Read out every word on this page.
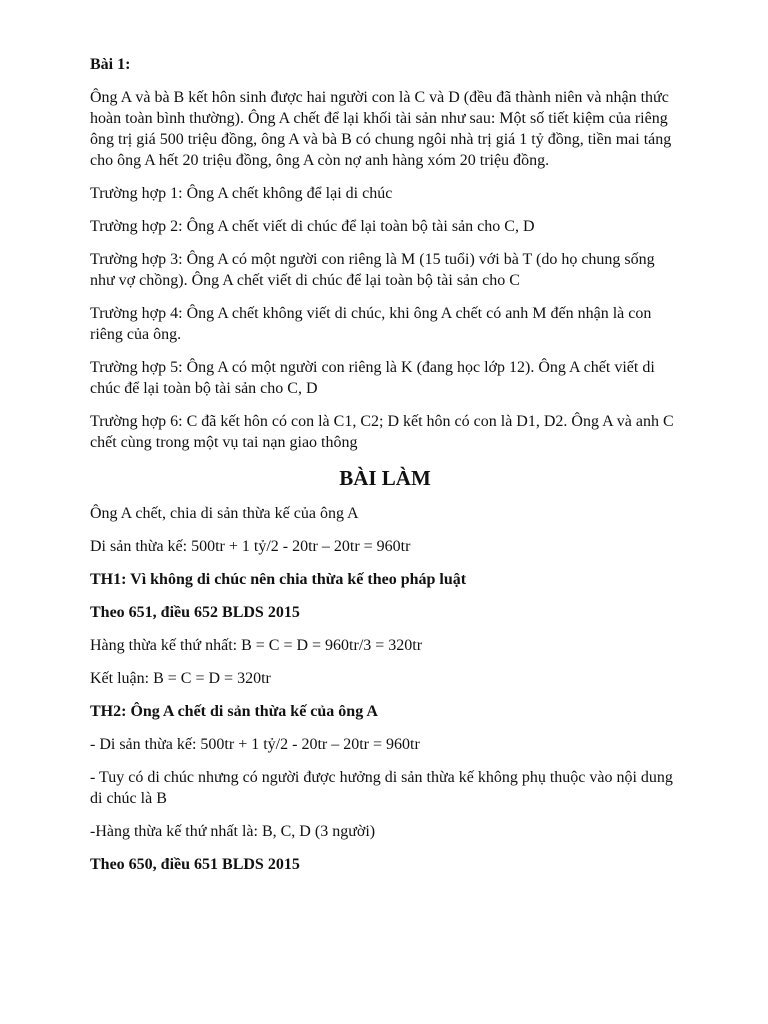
Bài 1:

Ông A và bà B kết hôn sinh được hai người con là C và D (đều đã thành niên và nhận thức hoàn toàn bình thường). Ông A chết để lại khối tài sản như sau: Một số tiết kiệm của riêng ông trị giá 500 triệu đồng, ông A và bà B có chung ngôi nhà trị giá 1 tỷ đồng, tiền mai táng cho ông A hết 20 triệu đồng, ông A còn nợ anh hàng xóm 20 triệu đồng.

Trường hợp 1: Ông A chết không để lại di chúc

Trường hợp 2: Ông A chết viết di chúc để lại toàn bộ tài sản cho C, D

Trường hợp 3: Ông A có một người con riêng là M (15 tuổi) với bà T (do họ chung sống như vợ chồng). Ông A chết viết di chúc để lại toàn bộ tài sản cho C

Trường hợp 4: Ông A chết không viết di chúc, khi ông A chết có anh M đến nhận là con riêng của ông.

Trường hợp 5: Ông A có một người con riêng là K (đang học lớp 12). Ông A chết viết di chúc để lại toàn bộ tài sản cho C, D

Trường hợp 6: C đã kết hôn có con là C1, C2; D kết hôn có con là D1, D2. Ông A và anh C chết cùng trong một vụ tai nạn giao thông

BÀI LÀM

Ông A chết, chia di sản thừa kế của ông A

Di sản thừa kế: 500tr + 1 tỷ/2 - 20tr – 20tr = 960tr

TH1: Vì không di chúc nên chia thừa kế theo pháp luật

Theo 651, điều 652 BLDS 2015

Hàng thừa kế thứ nhất: B = C = D = 960tr/3 = 320tr

Kết luận: B = C = D = 320tr

TH2: Ông A chết di sản thừa kế của ông A

- Di sản thừa kế: 500tr + 1 tỷ/2 - 20tr – 20tr = 960tr

- Tuy có di chúc nhưng có người được hưởng di sản thừa kế không phụ thuộc vào nội dung di chúc là B

-Hàng thừa kế thứ nhất là: B, C, D (3 người)

Theo 650, điều 651 BLDS 2015
